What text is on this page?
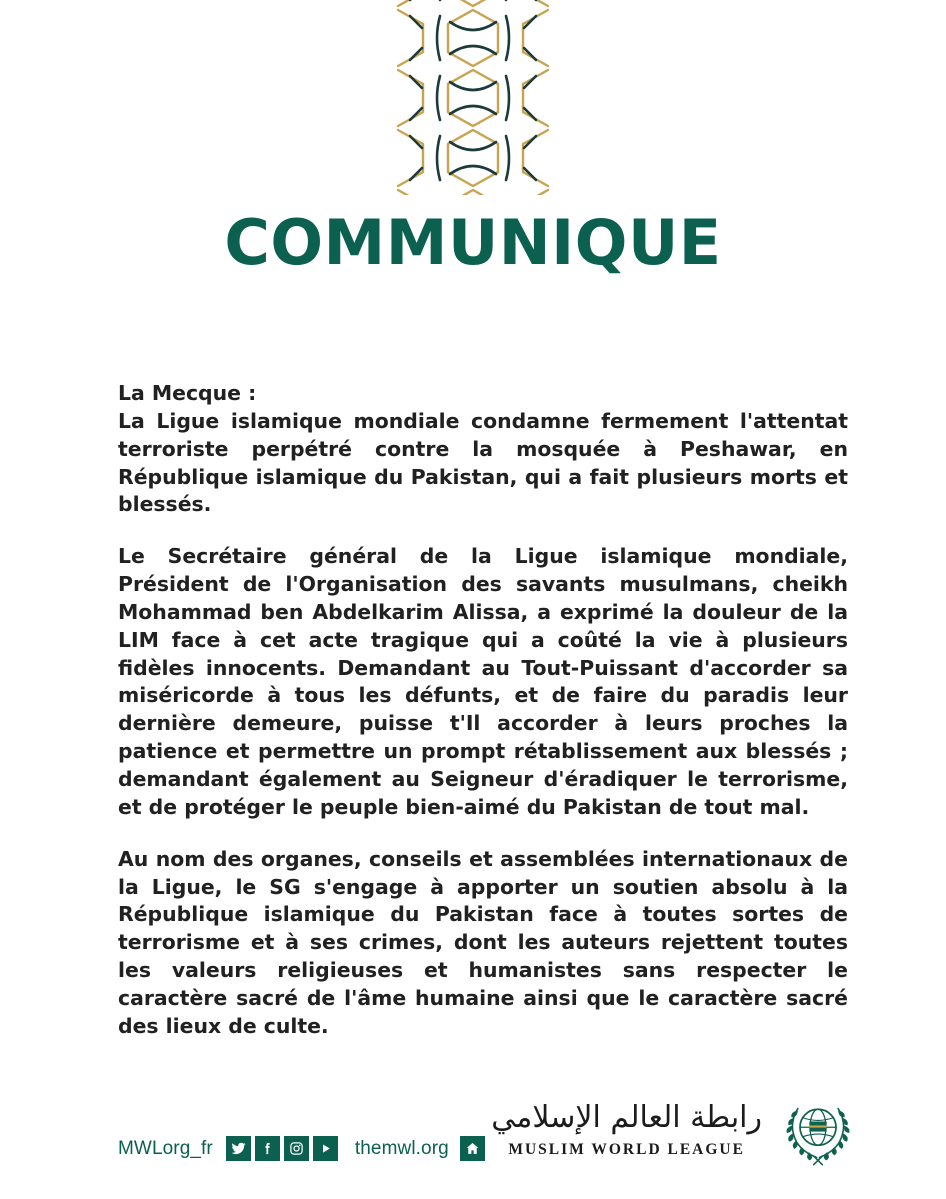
COMMUNIQUE
La Mecque :
La Ligue islamique mondiale condamne fermement l'attentat terroriste perpétré contre la mosquée à Peshawar, en République islamique du Pakistan, qui a fait plusieurs morts et blessés.
Le Secrétaire général de la Ligue islamique mondiale, Président de l'Organisation des savants musulmans, cheikh Mohammad ben Abdelkarim Alissa, a exprimé la douleur de la LIM face à cet acte tragique qui a coûté la vie à plusieurs fidèles innocents. Demandant au Tout-Puissant d'accorder sa miséricorde à tous les défunts, et de faire du paradis leur dernière demeure, puisse t'Il accorder à leurs proches la patience et permettre un prompt rétablissement aux blessés ; demandant également au Seigneur d'éradiquer le terrorisme, et de protéger le peuple bien-aimé du Pakistan de tout mal.
Au nom des organes, conseils et assemblées internationaux de la Ligue, le SG s'engage à apporter un soutien absolu à la République islamique du Pakistan face à toutes sortes de terrorisme et à ses crimes, dont les auteurs rejettent toutes les valeurs religieuses et humanistes sans respecter le caractère sacré de l'âme humaine ainsi que le caractère sacré des lieux de culte.
MWLorg_fr	themwl.org
رابطة العالم الإسلامي
MUSLIM WORLD LEAGUE
